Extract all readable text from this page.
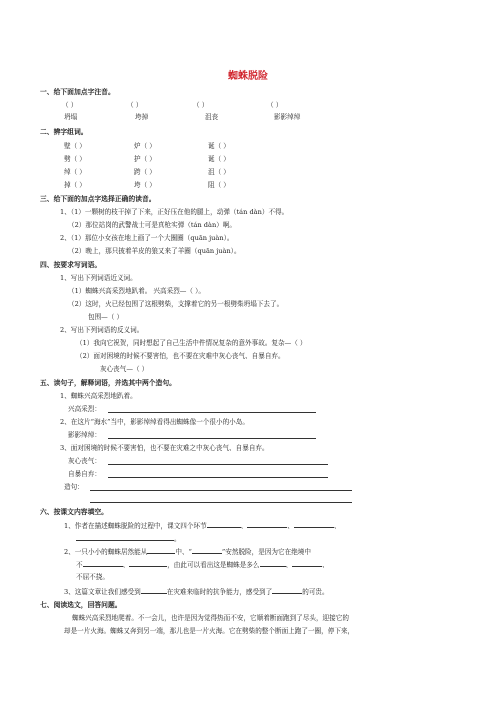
蜘蛛脱险
一、给下面加点字注音。
（ ）	（ ）	（ ）	（ ）
坍塌	垮掉	沮丧	影影绰绰
二、辨字组词。
壁（ ）	炉（ ）	诞（ ）
劈（ ）	护（ ）	诞（ ）
绰（ ）	跨（ ）	沮（ ）
掉（ ）	垮（ ）	阻（ ）
三、给下面的加点字选择正确的读音。
1、（1）一颗树的枝干掉了下来，正好压在他的腿上，动弹（tán dàn）不得。
（2）那位站岗的武警战士可是真枪实弹（tán dàn）啊。
2、（1）那位小女孩在地上画了一个大圈圈（quān juàn）。
（2）晚上，那只披着羊皮的狼又来了羊圈（quān juàn）。
四、按要求写词语。
1、写出下列词语近义词。
（1）蜘蛛兴高采烈地趴着。 兴高采烈—（ ）。
（2）这时，火已经包围了这根劈柴，支撑着它的另一根劈柴坍塌下去了。
包围—（ ）
2、写出下列词语的反义词。
（1）我向它祝贺，同时想起了自己生活中件情况复杂的意外事故。复杂—（ ）
（2）面对困境的时候不要害怕，也不要在灾难中灰心丧气、自暴自弃。
灰心丧气—（ ）
五、读句子，解释词语，并选其中两个造句。
1、蜘蛛兴高采烈地趴着。
兴高采烈：
2、在这片“海水”当中，影影绰绰看得出蜘蛛像一个很小的小岛。
影影绰绰：
3、面对困境的时候不要害怕，也不要在灾难之中灰心丧气、自暴自弃。
灰心丧气：
自暴自弃：
造句：
六、按课文内容填空。
1、作者在描述蜘蛛脱险的过程中，课文四个环节	、	、	、
。
2、一只小小的蜘蛛居然能从	中、“	”安然脱险，是因为它在绝境中
不	、	，由此可以看出这是蜘蛛是多么	、	、
不屈不挠。
3、这篇文章让我们感受到	在灾难来临时的抗争能力，感受到了	的可贵。
七、阅读选文，回答问题。
蜘蛛兴高采烈地爬着。不一会儿，也许是因为觉得热而不安，它顺着断面跑到了尽头，迎接它的
却是一片火海。蜘蛛又奔到另一端，那儿也是一片火海。它在劈柴的整个断面上跑了一圈，停下来，
